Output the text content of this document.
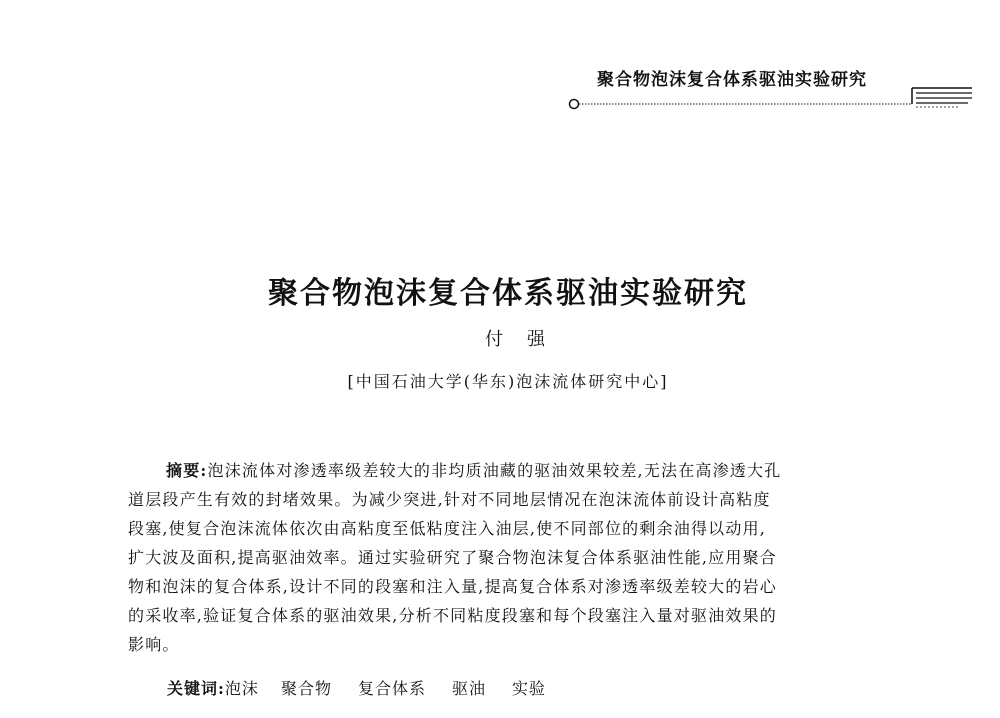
聚合物泡沫复合体系驱油实验研究
聚合物泡沫复合体系驱油实验研究
付强
[中国石油大学(华东)泡沫流体研究中心]
摘要:泡沫流体对渗透率级差较大的非均质油藏的驱油效果较差,无法在高渗透大孔
道层段产生有效的封堵效果。为减少突进,针对不同地层情况在泡沫流体前设计高粘度
段塞,使复合泡沫流体依次由高粘度至低粘度注入油层,使不同部位的剩余油得以动用,
扩大波及面积,提高驱油效率。通过实验研究了聚合物泡沫复合体系驱油性能,应用聚合
物和泡沫的复合体系,设计不同的段塞和注入量,提高复合体系对渗透率级差较大的岩心
的采收率,验证复合体系的驱油效果,分析不同粘度段塞和每个段塞注入量对驱油效果的
影响。
关键词:泡沫 聚合物 复合体系 驱油 实验
